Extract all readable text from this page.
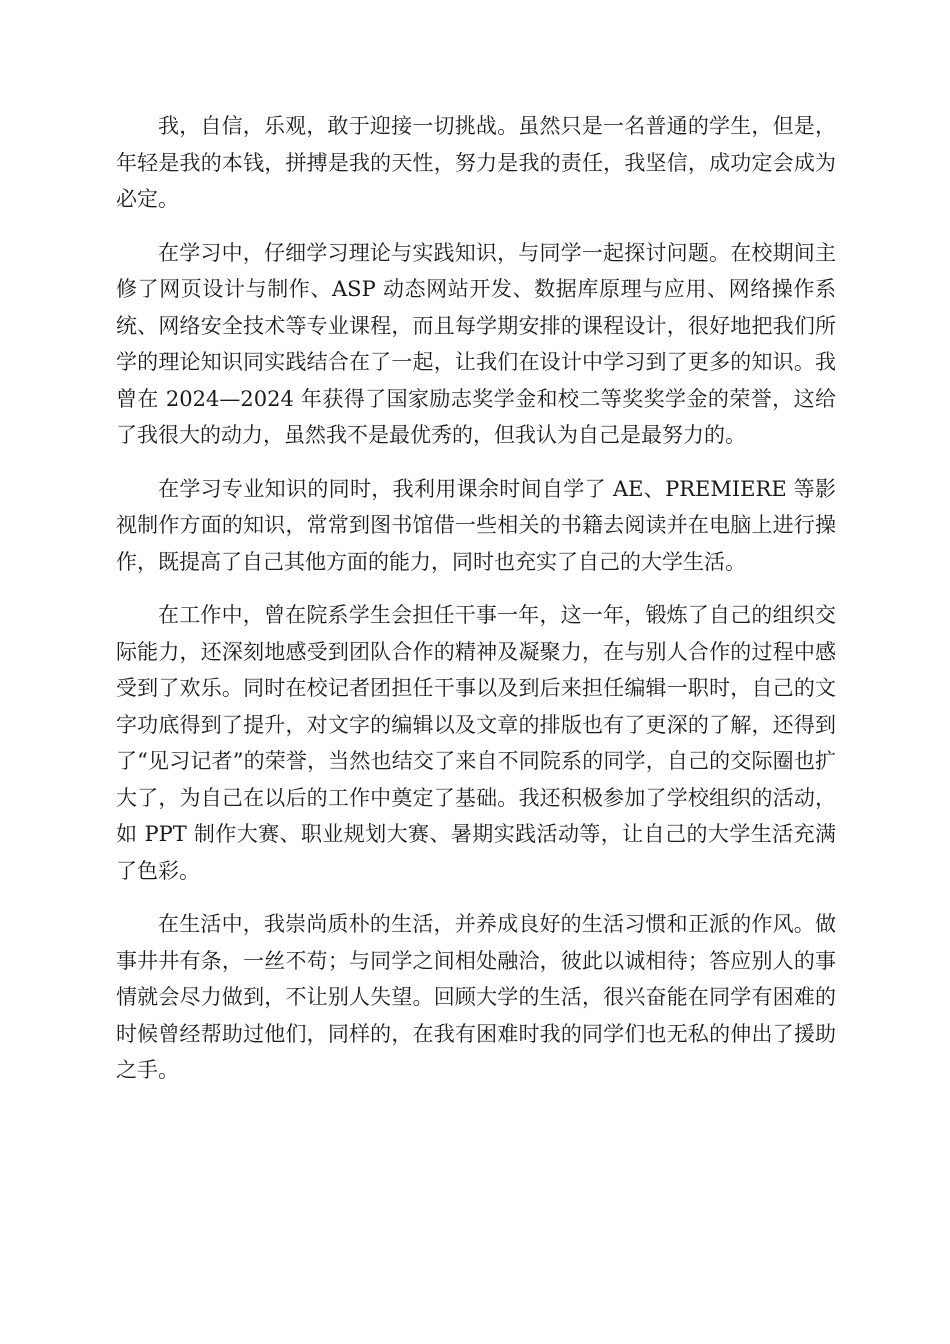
我，自信，乐观，敢于迎接一切挑战。虽然只是一名普通的学生，但是，年轻是我的本钱，拼搏是我的天性，努力是我的责任，我坚信，成功定会成为必定。

在学习中，仔细学习理论与实践知识，与同学一起探讨问题。在校期间主修了网页设计与制作、ASP 动态网站开发、数据库原理与应用、网络操作系统、网络安全技术等专业课程，而且每学期安排的课程设计，很好地把我们所学的理论知识同实践结合在了一起，让我们在设计中学习到了更多的知识。我曾在 2024—2024 年获得了国家励志奖学金和校二等奖奖学金的荣誉，这给了我很大的动力，虽然我不是最优秀的，但我认为自己是最努力的。

在学习专业知识的同时，我利用课余时间自学了 AE、PREMIERE 等影视制作方面的知识，常常到图书馆借一些相关的书籍去阅读并在电脑上进行操作，既提高了自己其他方面的能力，同时也充实了自己的大学生活。

在工作中，曾在院系学生会担任干事一年，这一年，锻炼了自己的组织交际能力，还深刻地感受到团队合作的精神及凝聚力，在与别人合作的过程中感受到了欢乐。同时在校记者团担任干事以及到后来担任编辑一职时，自己的文字功底得到了提升，对文字的编辑以及文章的排版也有了更深的了解，还得到了“见习记者”的荣誉，当然也结交了来自不同院系的同学，自己的交际圈也扩大了，为自己在以后的工作中奠定了基础。我还积极参加了学校组织的活动，如 PPT 制作大赛、职业规划大赛、暑期实践活动等，让自己的大学生活充满了色彩。

在生活中，我崇尚质朴的生活，并养成良好的生活习惯和正派的作风。做事井井有条，一丝不苟；与同学之间相处融洽，彼此以诚相待；答应别人的事情就会尽力做到，不让别人失望。回顾大学的生活，很兴奋能在同学有困难的时候曾经帮助过他们，同样的，在我有困难时我的同学们也无私的伸出了援助之手。
